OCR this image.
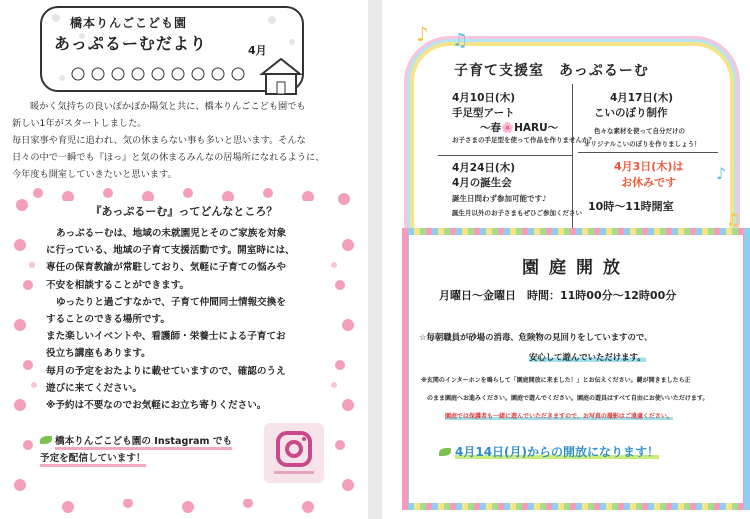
橋本りんごこども園
あっぷるーむだより	4月

暖かく気持ちの良いぽかぽか陽気と共に、橋本りんごこども園でも

新しい1年がスタートしました。

毎日家事や育児に追われ、気の休まらない事も多いと思います。そんな

日々の中で一瞬でも『ほっ』と気の休まるみんなの居場所になれるように、

今年度も開室していきたいと思います。

『あっぷるーむ』ってどんなところ？

あっぷるーむは、地域の未就園児とそのご家族を対象

に行っている、地域の子育て支援活動です。開室時には、

専任の保育教諭が常駐しており、気軽に子育ての悩みや

不安を相談することができます。

ゆったりと過ごすなかで、子育て仲間同士情報交換を

することのできる場所です。

また楽しいイベントや、看護師・栄養士による子育てお

役立ち講座もあります。

毎月の予定をおたよりに載せていますので、確認のうえ

遊びに来てください。

※予約は不要なのでお気軽にお立ち寄りください。

橋本りんごこども園の Instagram でも
予定を配信しています！
子育て支援室　あっぷるーむ
4月10日(木)
手足型アート
～春🌸HARU～
お子さまの手足型を使って作品を作りませんか？
4月17日(木)
こいのぼり制作
色々な素材を使って自分だけの
オリジナルこいのぼりを作りましょう！
4月24日(木)
4月の誕生会
誕生日問わず参加可能です♪
誕生月以外のお子さまもぜひご参加ください
4月3日(木)は
お休みです
10時～11時開室
園庭開放
月曜日～金曜日　時間：11時00分～12時00分
☆毎朝職員が砂場の消毒、危険物の見回りをしていますので、
安心して遊んでいただけます。
※玄関のインターホンを鳴らして「園庭開放に来ました！」とお伝えください。鍵が開きましたら正
のまま園庭へお進みください。園庭で遊んでください。園庭の遊具はすべて自由にお使いいただけます。
園庭では保護者も一緒に遊んでいただきますので、お写真の撮影はご遠慮ください。
4月14日(月)からの開放になります！
♪ ♫
♪
♫
